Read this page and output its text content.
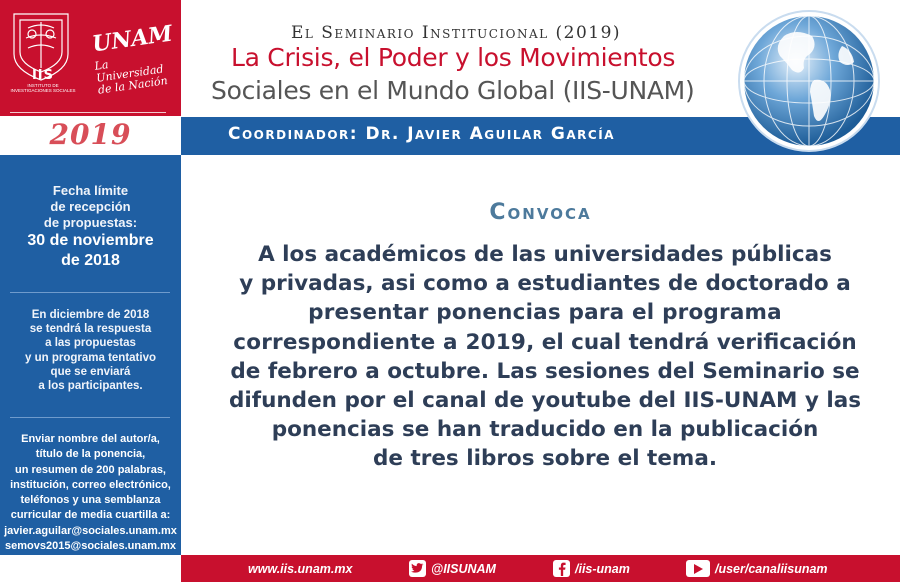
IIS
INSTITUTO DE INVESTIGACIONES SOCIALES
UNAM
La Universidad de la Nación
2019
Fecha límite
de recepción
de propuestas:
30 de noviembre
de 2018
En diciembre de 2018
se tendrá la respuesta
a las propuestas
y un programa tentativo
que se enviará
a los participantes.
Enviar nombre del autor/a,
título de la ponencia,
un resumen de 200 palabras,
institución, correo electrónico,
teléfonos y una semblanza
curricular de media cuartilla a:
javier.aguilar@sociales.unam.mx
semovs2015@sociales.unam.mx
El Seminario Institucional (2019)
La Crisis, el Poder y los Movimientos
Sociales en el Mundo Global (IIS-UNAM)
Coordinador: Dr. Javier Aguilar García
Convoca
A los académicos de las universidades públicas
y privadas, asi como a estudiantes de doctorado a
presentar ponencias para el programa
correspondiente a 2019, el cual tendrá verificación
de febrero a octubre. Las sesiones del Seminario se
difunden por el canal de youtube del IIS-UNAM y las
ponencias se han traducido en la publicación
de tres libros sobre el tema.
www.iis.unam.mx	@IISUNAM	/iis-unam	/user/canaliisunam
